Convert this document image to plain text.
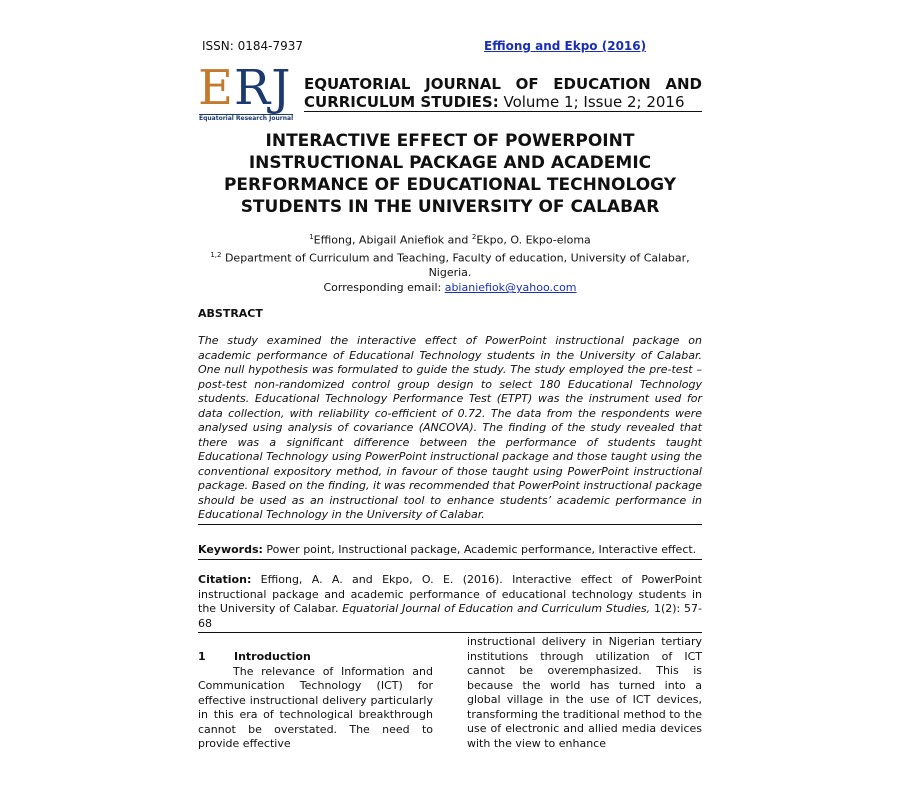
ISSN: 0184-7937	Effiong and Ekpo (2016)
ERJ
Equatorial Research Journal
EQUATORIAL JOURNAL OF EDUCATION AND
CURRICULUM STUDIES: Volume 1; Issue 2; 2016
INTERACTIVE EFFECT OF POWERPOINT INSTRUCTIONAL PACKAGE AND ACADEMIC PERFORMANCE OF EDUCATIONAL TECHNOLOGY STUDENTS IN THE UNIVERSITY OF CALABAR
$^1$Effiong, Abigail Aniefiok and $^2$Ekpo, O. Ekpo-eloma
$^{1,2}$ Department of Curriculum and Teaching, Faculty of education, University of Calabar, Nigeria.
Corresponding email: abianiefiok@yahoo.com
ABSTRACT
The study examined the interactive effect of PowerPoint instructional package on academic performance of Educational Technology students in the University of Calabar. One null hypothesis was formulated to guide the study. The study employed the pre-test – post-test non-randomized control group design to select 180 Educational Technology students. Educational Technology Performance Test (ETPT) was the instrument used for data collection, with reliability co-efficient of 0.72. The data from the respondents were analysed using analysis of covariance (ANCOVA). The finding of the study revealed that there was a significant difference between the performance of students taught Educational Technology using PowerPoint instructional package and those taught using the conventional expository method, in favour of those taught using PowerPoint instructional package. Based on the finding, it was recommended that PowerPoint instructional package should be used as an instructional tool to enhance students’ academic performance in Educational Technology in the University of Calabar.
Keywords: Power point, Instructional package, Academic performance, Interactive effect.
Citation: Effiong, A. A. and Ekpo, O. E. (2016). Interactive effect of PowerPoint instructional package and academic performance of educational technology students in the University of Calabar. Equatorial Journal of Education and Curriculum Studies, 1(2): 57- 68
1	Introduction
The relevance of Information and Communication Technology (ICT) for effective instructional delivery particularly in this era of technological breakthrough cannot be overstated. The need to provide effective
instructional delivery in Nigerian tertiary institutions through utilization of ICT cannot be overemphasized. This is because the world has turned into a global village in the use of ICT devices, transforming the traditional method to the use of electronic and allied media devices with the view to enhance
